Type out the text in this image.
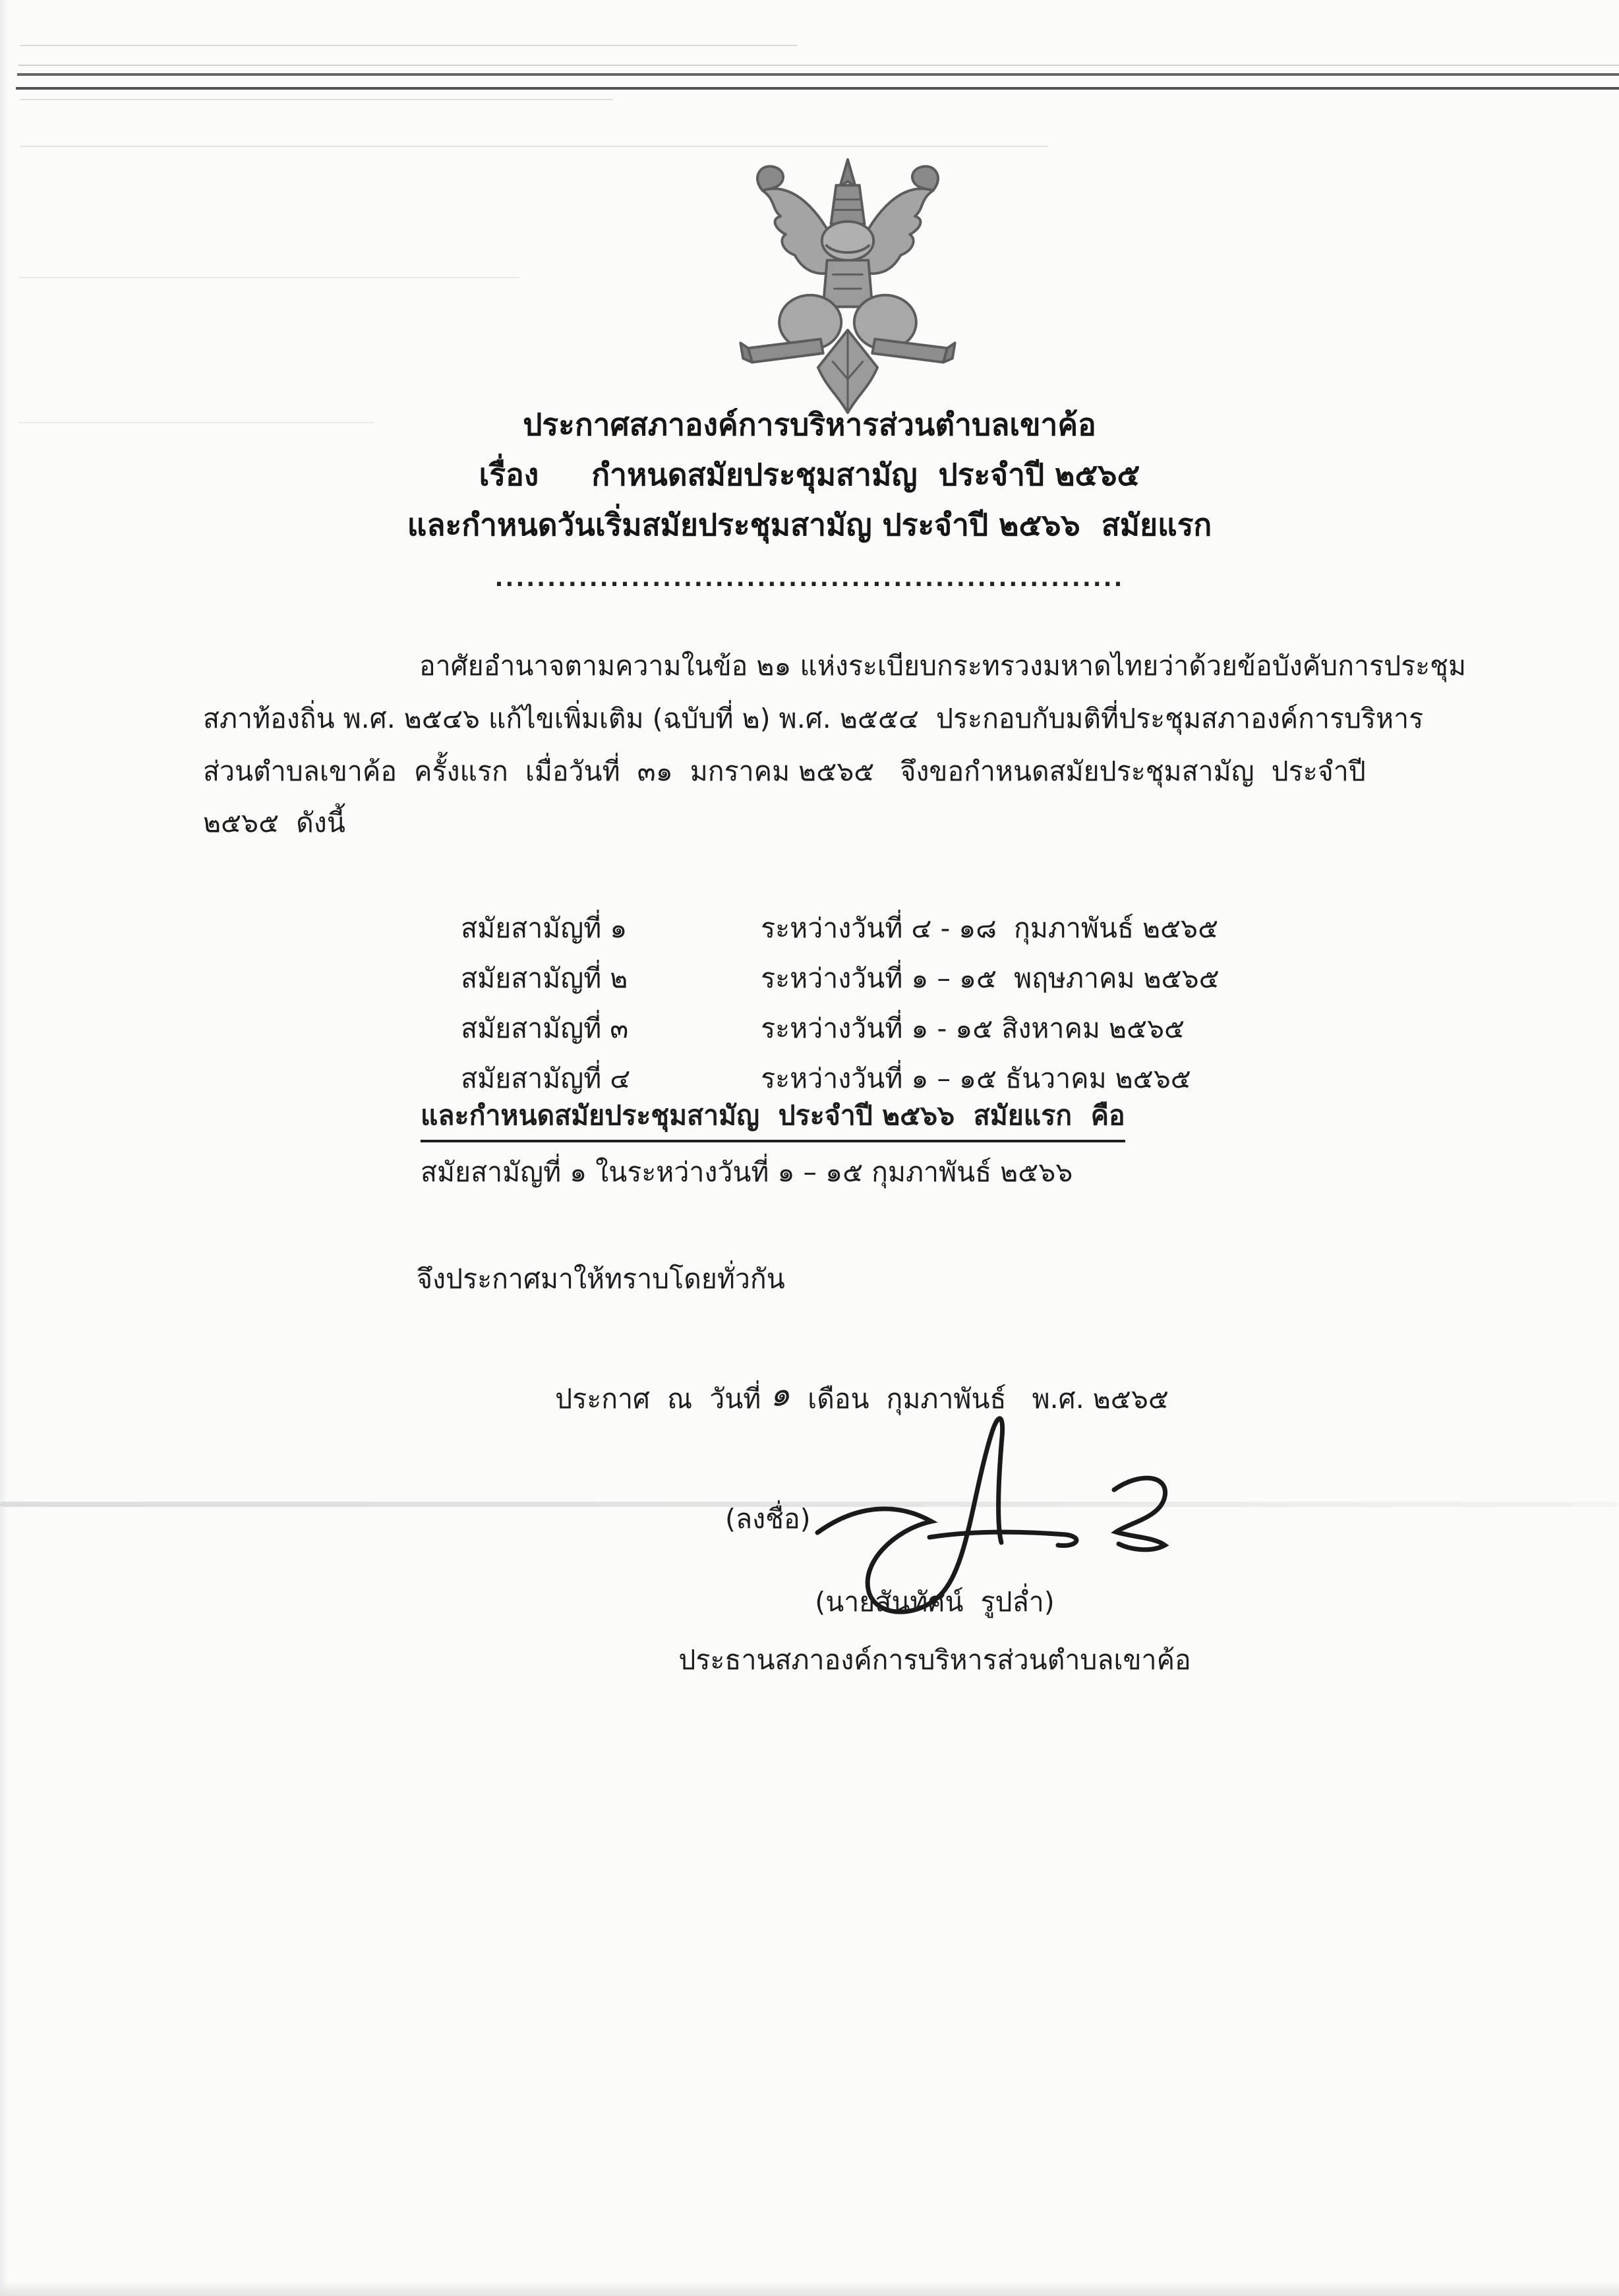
ประกาศสภาองค์การบริหารส่วนตำบลเขาค้อ
เรื่อง     กำหนดสมัยประชุมสามัญ  ประจำปี ๒๕๖๕
และกำหนดวันเริ่มสมัยประชุมสามัญ ประจำปี ๒๕๖๖  สมัยแรก
............................................................
อาศัยอำนาจตามความในข้อ ๒๑ แห่งระเบียบกระทรวงมหาดไทยว่าด้วยข้อบังคับการประชุม
สภาท้องถิ่น พ.ศ. ๒๕๔๖ แก้ไขเพิ่มเติม (ฉบับที่ ๒) พ.ศ. ๒๕๕๔  ประกอบกับมติที่ประชุมสภาองค์การบริหาร
ส่วนตำบลเขาค้อ  ครั้งแรก  เมื่อวันที่  ๓๑  มกราคม ๒๕๖๕   จึงขอกำหนดสมัยประชุมสามัญ  ประจำปี
๒๕๖๕  ดังนี้

สมัยสามัญที่ ๑	ระหว่างวันที่ ๔ - ๑๘  กุมภาพันธ์ ๒๕๖๕

สมัยสามัญที่ ๒	ระหว่างวันที่ ๑ – ๑๕  พฤษภาคม ๒๕๖๕

สมัยสามัญที่ ๓	ระหว่างวันที่ ๑ - ๑๕ สิงหาคม ๒๕๖๕

สมัยสามัญที่ ๔	ระหว่างวันที่ ๑ – ๑๕ ธันวาคม ๒๕๖๕

และกำหนดสมัยประชุมสามัญ  ประจำปี ๒๕๖๖  สมัยแรก  คือ
สมัยสามัญที่ ๑ ในระหว่างวันที่ ๑ – ๑๕ กุมภาพันธ์ ๒๕๖๖
จึงประกาศมาให้ทราบโดยทั่วกัน

ประกาศ  ณ  วันที่ ๑  เดือน  กุมภาพันธ์   พ.ศ. ๒๕๖๕

(ลงชื่อ)
(นายสันทัศน์  รูปล่ำ)
ประธานสภาองค์การบริหารส่วนตำบลเขาค้อ
